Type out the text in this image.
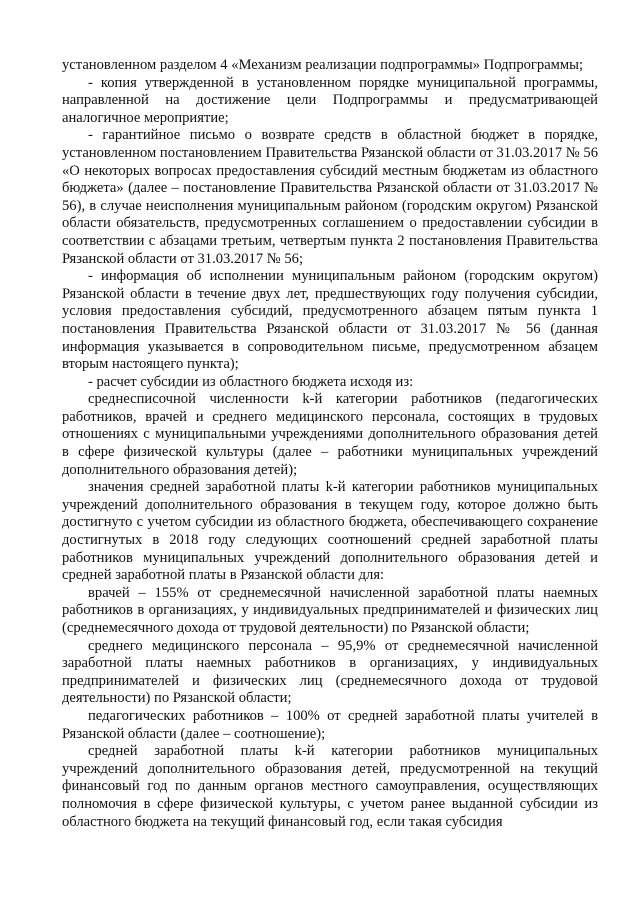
установленном разделом 4 «Механизм реализации подпрограммы» Подпрограммы;

- копия утвержденной в установленном порядке муниципальной программы, направленной на достижение цели Подпрограммы и предусматривающей аналогичное мероприятие;

- гарантийное письмо о возврате средств в областной бюджет в порядке, установленном постановлением Правительства Рязанской области от 31.03.2017 № 56 «О некоторых вопросах предоставления субсидий местным бюджетам из областного бюджета» (далее – постановление Правительства Рязанской области от 31.03.2017 № 56), в случае неисполнения муниципальным районом (городским округом) Рязанской области обязательств, предусмотренных соглашением о предоставлении субсидии в соответствии с абзацами третьим, четвертым пункта 2 постановления Правительства Рязанской области от 31.03.2017 № 56;

- информация об исполнении муниципальным районом (городским округом) Рязанской области в течение двух лет, предшествующих году получения субсидии, условия предоставления субсидий, предусмотренного абзацем пятым пункта 1 постановления Правительства Рязанской области от 31.03.2017 № 56 (данная информация указывается в сопроводительном письме, предусмотренном абзацем вторым настоящего пункта);

- расчет субсидии из областного бюджета исходя из:

среднесписочной численности k-й категории работников (педагогических работников, врачей и среднего медицинского персонала, состоящих в трудовых отношениях с муниципальными учреждениями дополнительного образования детей в сфере физической культуры (далее – работники муниципальных учреждений дополнительного образования детей);

значения средней заработной платы k-й категории работников муниципальных учреждений дополнительного образования в текущем году, которое должно быть достигнуто с учетом субсидии из областного бюджета, обеспечивающего сохранение достигнутых в 2018 году следующих соотношений средней заработной платы работников муниципальных учреждений дополнительного образования детей и средней заработной платы в Рязанской области для:

врачей – 155% от среднемесячной начисленной заработной платы наемных работников в организациях, у индивидуальных предпринимателей и физических лиц (среднемесячного дохода от трудовой деятельности) по Рязанской области;

среднего медицинского персонала – 95,9% от среднемесячной начисленной заработной платы наемных работников в организациях, у индивидуальных предпринимателей и физических лиц (среднемесячного дохода от трудовой деятельности) по Рязанской области;

педагогических работников – 100% от средней заработной платы учителей в Рязанской области (далее – соотношение);

средней заработной платы k-й категории работников муниципальных учреждений дополнительного образования детей, предусмотренной на текущий финансовый год по данным органов местного самоуправления, осуществляющих полномочия в сфере физической культуры, с учетом ранее выданной субсидии из областного бюджета на текущий финансовый год, если такая субсидия
